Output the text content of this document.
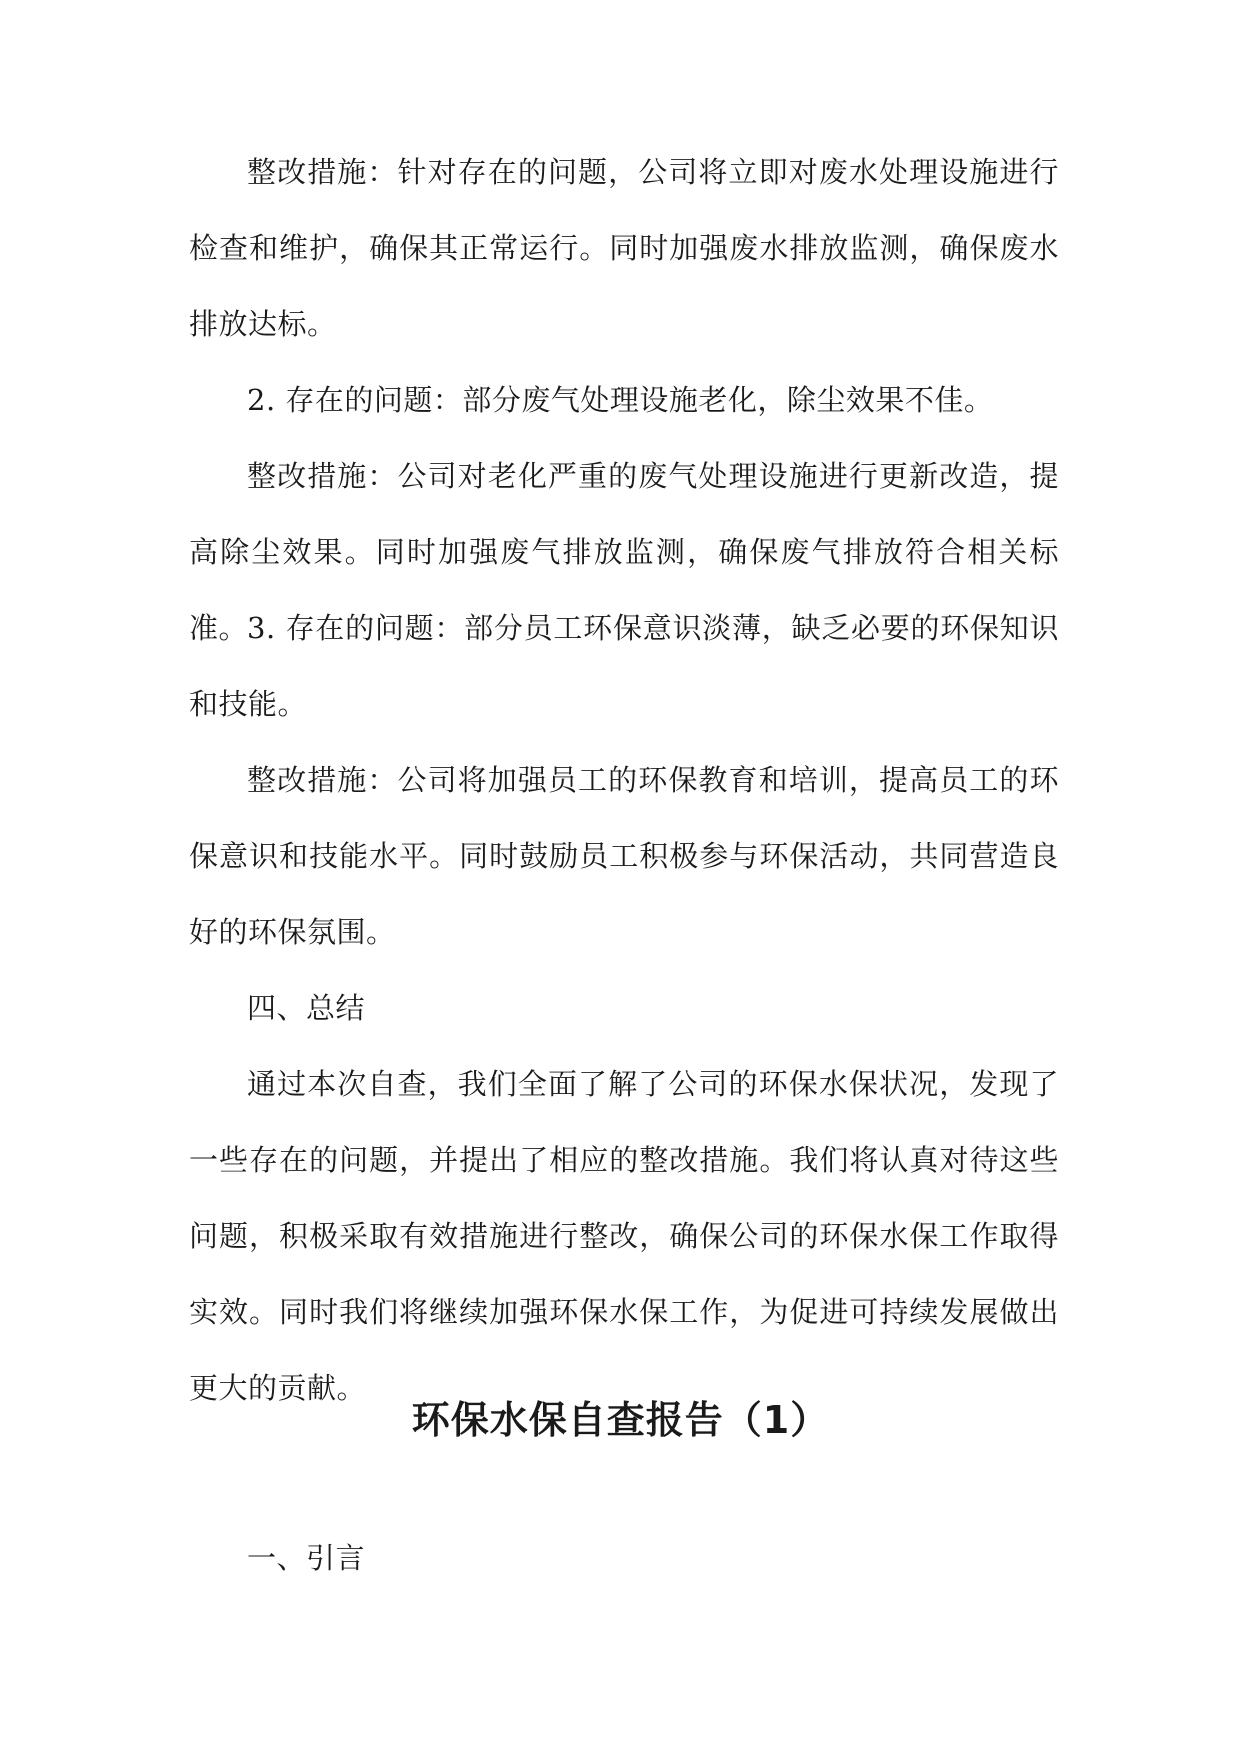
整改措施：针对存在的问题，公司将立即对废水处理设施进行检查和维护，确保其正常运行。同时加强废水排放监测，确保废水排放达标。

2. 存在的问题：部分废气处理设施老化，除尘效果不佳。

整改措施：公司对老化严重的废气处理设施进行更新改造，提高除尘效果。同时加强废气排放监测，确保废气排放符合相关标准。

3. 存在的问题：部分员工环保意识淡薄，缺乏必要的环保知识和技能。

整改措施：公司将加强员工的环保教育和培训，提高员工的环保意识和技能水平。同时鼓励员工积极参与环保活动，共同营造良好的环保氛围。

四、总结

通过本次自查，我们全面了解了公司的环保水保状况，发现了一些存在的问题，并提出了相应的整改措施。我们将认真对待这些问题，积极采取有效措施进行整改，确保公司的环保水保工作取得实效。同时我们将继续加强环保水保工作，为促进可持续发展做出更大的贡献。

环保水保自查报告（1）

一、引言
